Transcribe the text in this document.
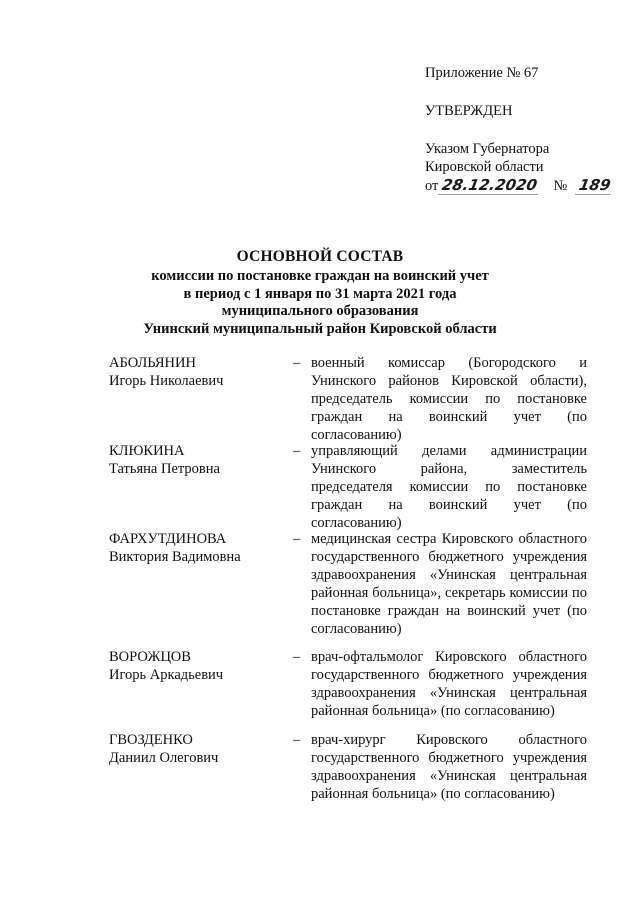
Приложение № 67
УТВЕРЖДЕН
Указом Губернатора
Кировской области
от 28.12.2020 № 189
ОСНОВНОЙ СОСТАВ
комиссии по постановке граждан на воинский учет
в период с 1 января по 31 марта 2021 года
муниципального образования
Унинский муниципальный район Кировской области
АБОЛЬЯНИН
Игорь Николаевич
– военный комиссар (Богородского и Унинского районов Кировской области), председатель комиссии по постановке граждан на воинский учет (по согласованию)
КЛЮКИНА
Татьяна Петровна
– управляющий делами администрации Унинского района, заместитель председателя комиссии по постановке граждан на воинский учет (по согласованию)
ФАРХУТДИНОВА
Виктория Вадимовна
– медицинская сестра Кировского областного государственного бюджетного учреждения здравоохранения «Унинская центральная районная больница», секретарь комиссии по постановке граждан на воинский учет (по согласованию)
ВОРОЖЦОВ
Игорь Аркадьевич
– врач-офтальмолог Кировского областного государственного бюджетного учреждения здравоохранения «Унинская центральная районная больница» (по согласованию)
ГВОЗДЕНКО
Даниил Олегович
– врач-хирург Кировского областного государственного бюджетного учреждения здравоохранения «Унинская центральная районная больница» (по согласованию)
